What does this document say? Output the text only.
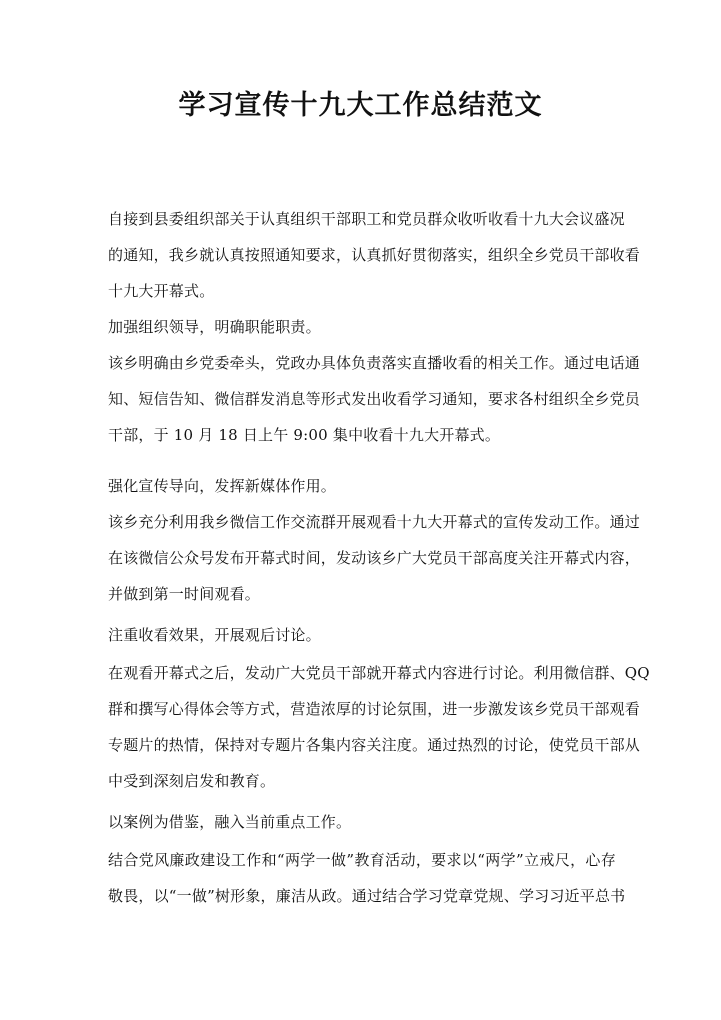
学习宣传十九大工作总结范文
自接到县委组织部关于认真组织干部职工和党员群众收听收看十九大会议盛况
的通知，我乡就认真按照通知要求，认真抓好贯彻落实，组织全乡党员干部收看
十九大开幕式。
加强组织领导，明确职能职责。
该乡明确由乡党委牵头，党政办具体负责落实直播收看的相关工作。通过电话通
知、短信告知、微信群发消息等形式发出收看学习通知，要求各村组织全乡党员
干部，于 10 月 18 日上午 9:00 集中收看十九大开幕式。
强化宣传导向，发挥新媒体作用。
该乡充分利用我乡微信工作交流群开展观看十九大开幕式的宣传发动工作。通过
在该微信公众号发布开幕式时间，发动该乡广大党员干部高度关注开幕式内容，
并做到第一时间观看。
注重收看效果，开展观后讨论。
在观看开幕式之后，发动广大党员干部就开幕式内容进行讨论。利用微信群、QQ
群和撰写心得体会等方式，营造浓厚的讨论氛围，进一步激发该乡党员干部观看
专题片的热情，保持对专题片各集内容关注度。通过热烈的讨论，使党员干部从
中受到深刻启发和教育。
以案例为借鉴，融入当前重点工作。
结合党风廉政建设工作和“两学一做”教育活动，要求以“两学”立戒尺，心存
敬畏，以“一做”树形象，廉洁从政。通过结合学习党章党规、学习习近平总书
